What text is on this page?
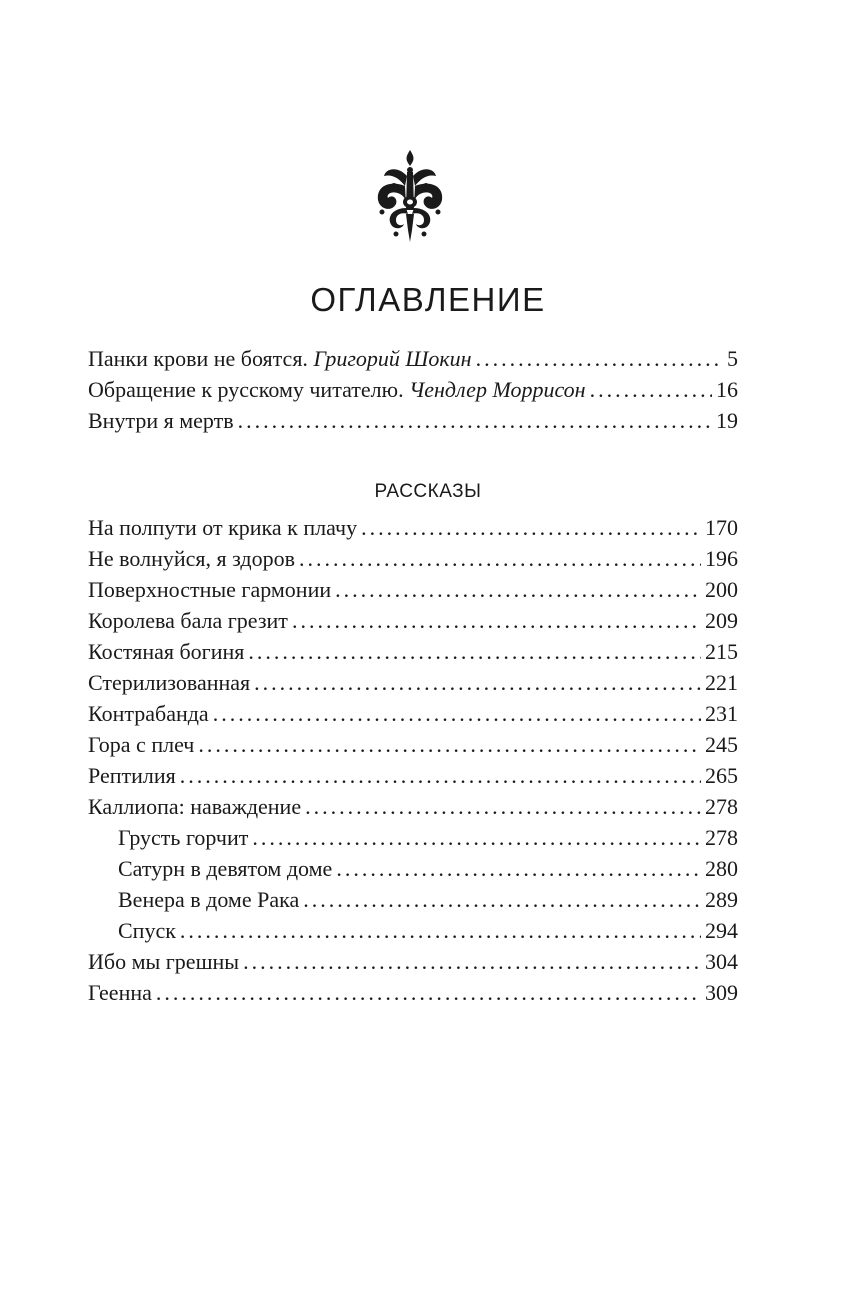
ОГЛАВЛЕНИЕ
Панки крови не боятся. Григорий Шокин .....	5
Обращение к русскому читателю. Чендлер Моррисон .....	16
Внутри я мертв .....	19
РАССКАЗЫ
На полпути от крика к плачу .....	170
Не волнуйся, я здоров .....	196
Поверхностные гармонии .....	200
Королева бала грезит .....	209
Костяная богиня .....	215
Стерилизованная .....	221
Контрабанда .....	231
Гора с плеч .....	245
Рептилия .....	265
Каллиопа: наваждение .....	278
Грусть горчит .....	278
Сатурн в девятом доме .....	280
Венера в доме Рака .....	289
Спуск .....	294
Ибо мы грешны .....	304
Геенна .....	309
